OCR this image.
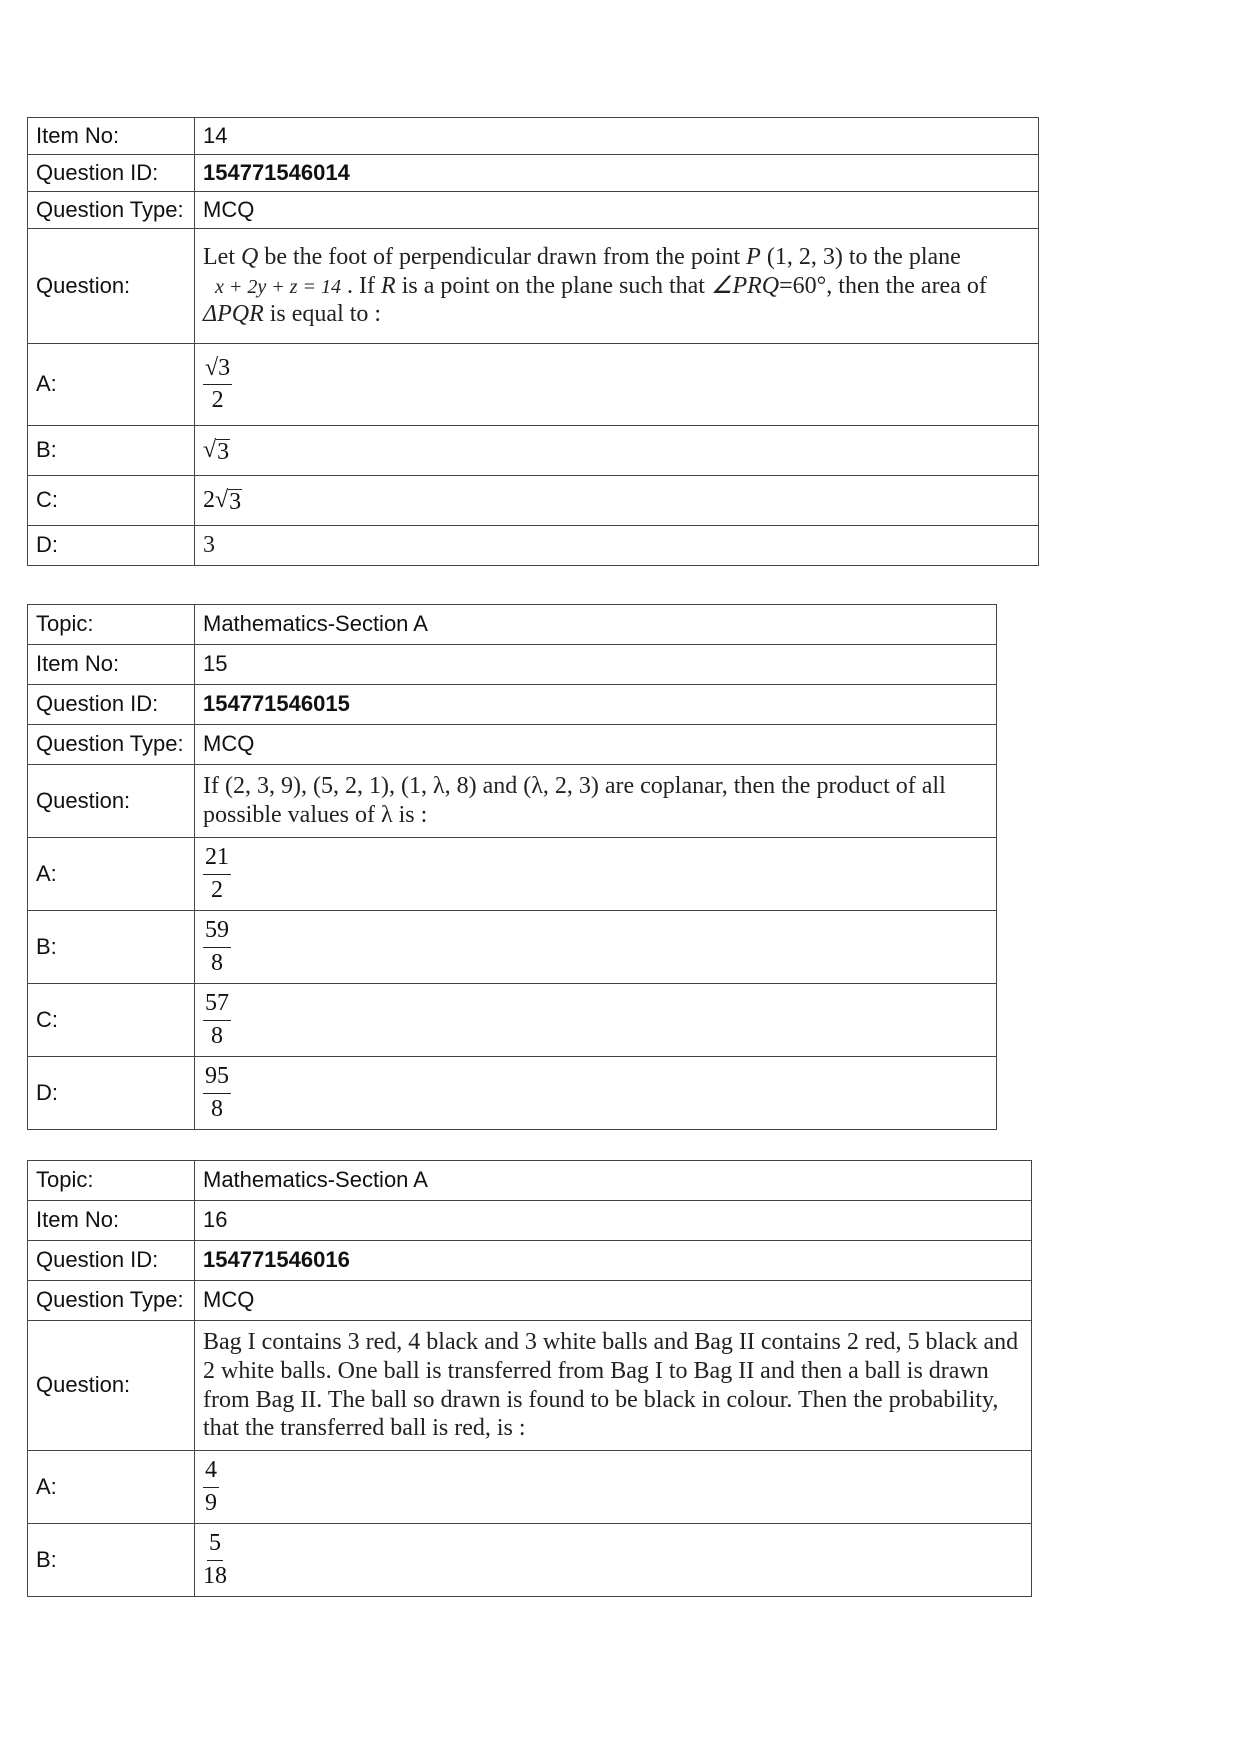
Item No:	14
Question ID:	154771546014
Question Type:	MCQ
Question:	Let Q be the foot of perpendicular drawn from the point P (1, 2, 3) to the plane
x + 2y + z = 14 . If R is a point on the plane such that ∠PRQ=60°, then the area of
ΔPQR is equal to :
A:	$\frac{√3}{2}$

B:	√ 3

C:	2 √ 3

D:	3
Topic:	Mathematics-Section A
Item No:	15
Question ID:	154771546015
Question Type:	MCQ
Question:	If (2, 3, 9), (5, 2, 1), (1, λ, 8) and (λ, 2, 3) are coplanar, then the product of all possible values of λ is :
A:	$\frac{21}{2}$

B:	$\frac{59}{8}$

C:	$\frac{57}{8}$

D:	$\frac{95}{8}$
Topic:	Mathematics-Section A
Item No:	16
Question ID:	154771546016
Question Type:	MCQ
Question:	Bag I contains 3 red, 4 black and 3 white balls and Bag II contains 2 red, 5 black and 2 white balls. One ball is transferred from Bag I to Bag II and then a ball is drawn from Bag II. The ball so drawn is found to be black in colour. Then the probability, that the transferred ball is red, is :
A:	$\frac{4}{9}$

B:	$\frac{5}{18}$
